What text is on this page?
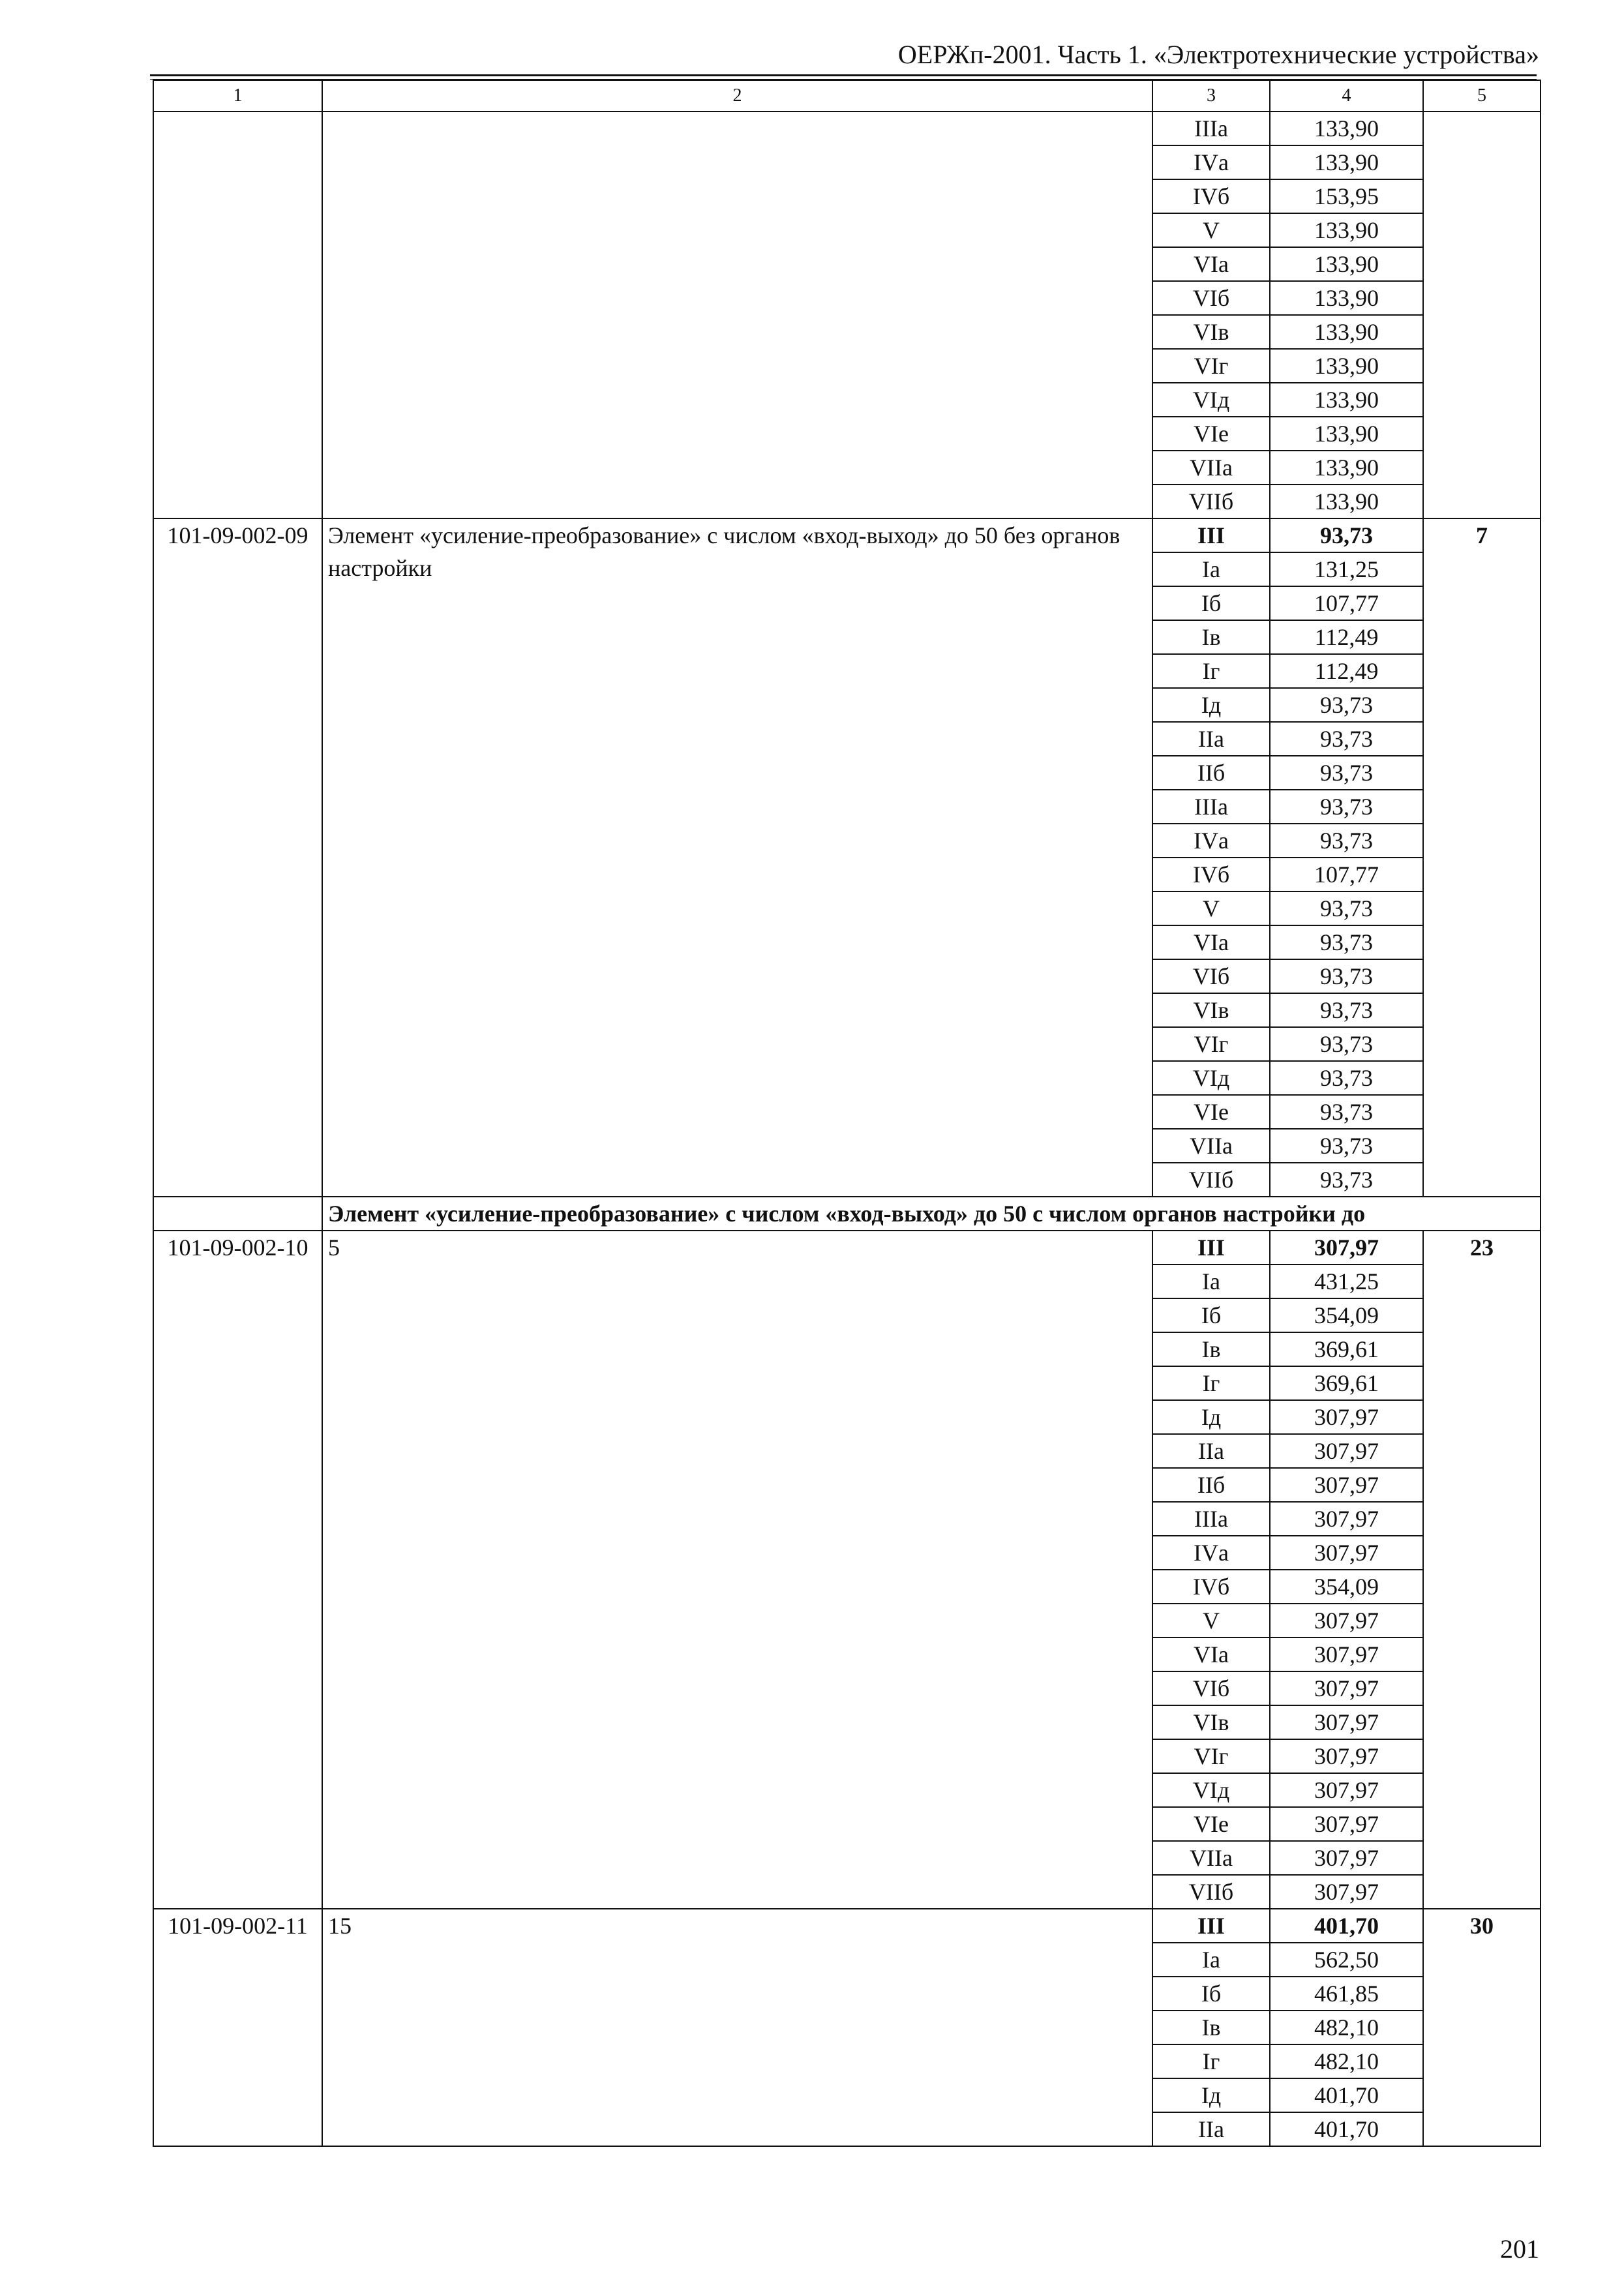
ОЕРЖп-2001. Часть 1. «Электротехнические устройства»
1	2	3	4	5
		IIIа	133,90	
		IVа	133,90	
		IVб	153,95	
		V	133,90	
		VIа	133,90	
		VIб	133,90	
		VIв	133,90	
		VIг	133,90	
		VIд	133,90	
		VIе	133,90	
		VIIа	133,90	
		VIIб	133,90	
101-09-002-09	Элемент «усиление-преобразование» с числом «вход-выход» до 50 без органов настройки	III	93,73	7
		Iа	131,25	
		Iб	107,77	
		Iв	112,49	
		Iг	112,49	
		Iд	93,73	
		IIа	93,73	
		IIб	93,73	
		IIIа	93,73	
		IVа	93,73	
		IVб	107,77	
		V	93,73	
		VIа	93,73	
		VIб	93,73	
		VIв	93,73	
		VIг	93,73	
		VIд	93,73	
		VIе	93,73	
		VIIа	93,73	
		VIIб	93,73	
	Элемент «усиление-преобразование» с числом «вход-выход» до 50 с числом органов настройки до			
101-09-002-10	5	III	307,97	23
		Iа	431,25	
		Iб	354,09	
		Iв	369,61	
		Iг	369,61	
		Iд	307,97	
		IIа	307,97	
		IIб	307,97	
		IIIа	307,97	
		IVа	307,97	
		IVб	354,09	
		V	307,97	
		VIа	307,97	
		VIб	307,97	
		VIв	307,97	
		VIг	307,97	
		VIд	307,97	
		VIе	307,97	
		VIIа	307,97	
		VIIб	307,97	
101-09-002-11	15	III	401,70	30
		Iа	562,50	
		Iб	461,85	
		Iв	482,10	
		Iг	482,10	
		Iд	401,70	
		IIа	401,70	
201
